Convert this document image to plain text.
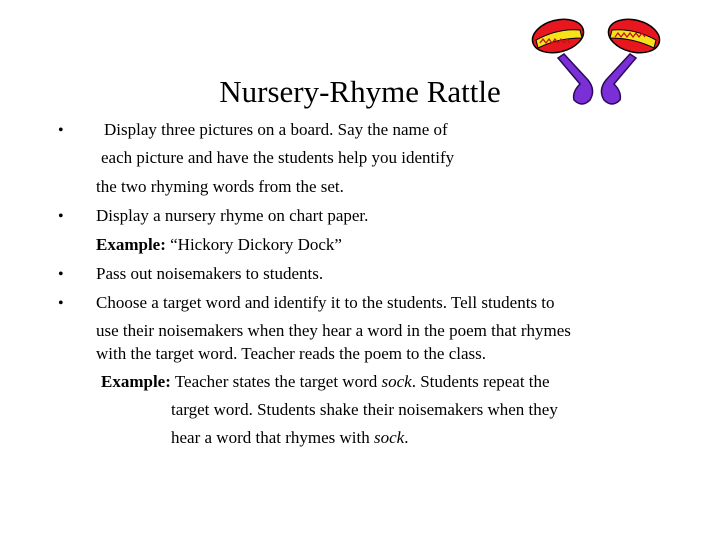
Nursery-Rhyme Rattle
• Display three pictures on a board. Say the name of
each picture and have the students help you identify
the two rhyming words from the set.
• Display a nursery rhyme on chart paper.
Example: “Hickory Dickory Dock”
• Pass out noisemakers to students.
• Choose a target word and identify it to the students. Tell students to
use their noisemakers when they hear a word in the poem that rhymes
with the target word. Teacher reads the poem to the class.
Example: Teacher states the target word sock. Students repeat the
target word. Students shake their noisemakers when they
hear a word that rhymes with sock.
